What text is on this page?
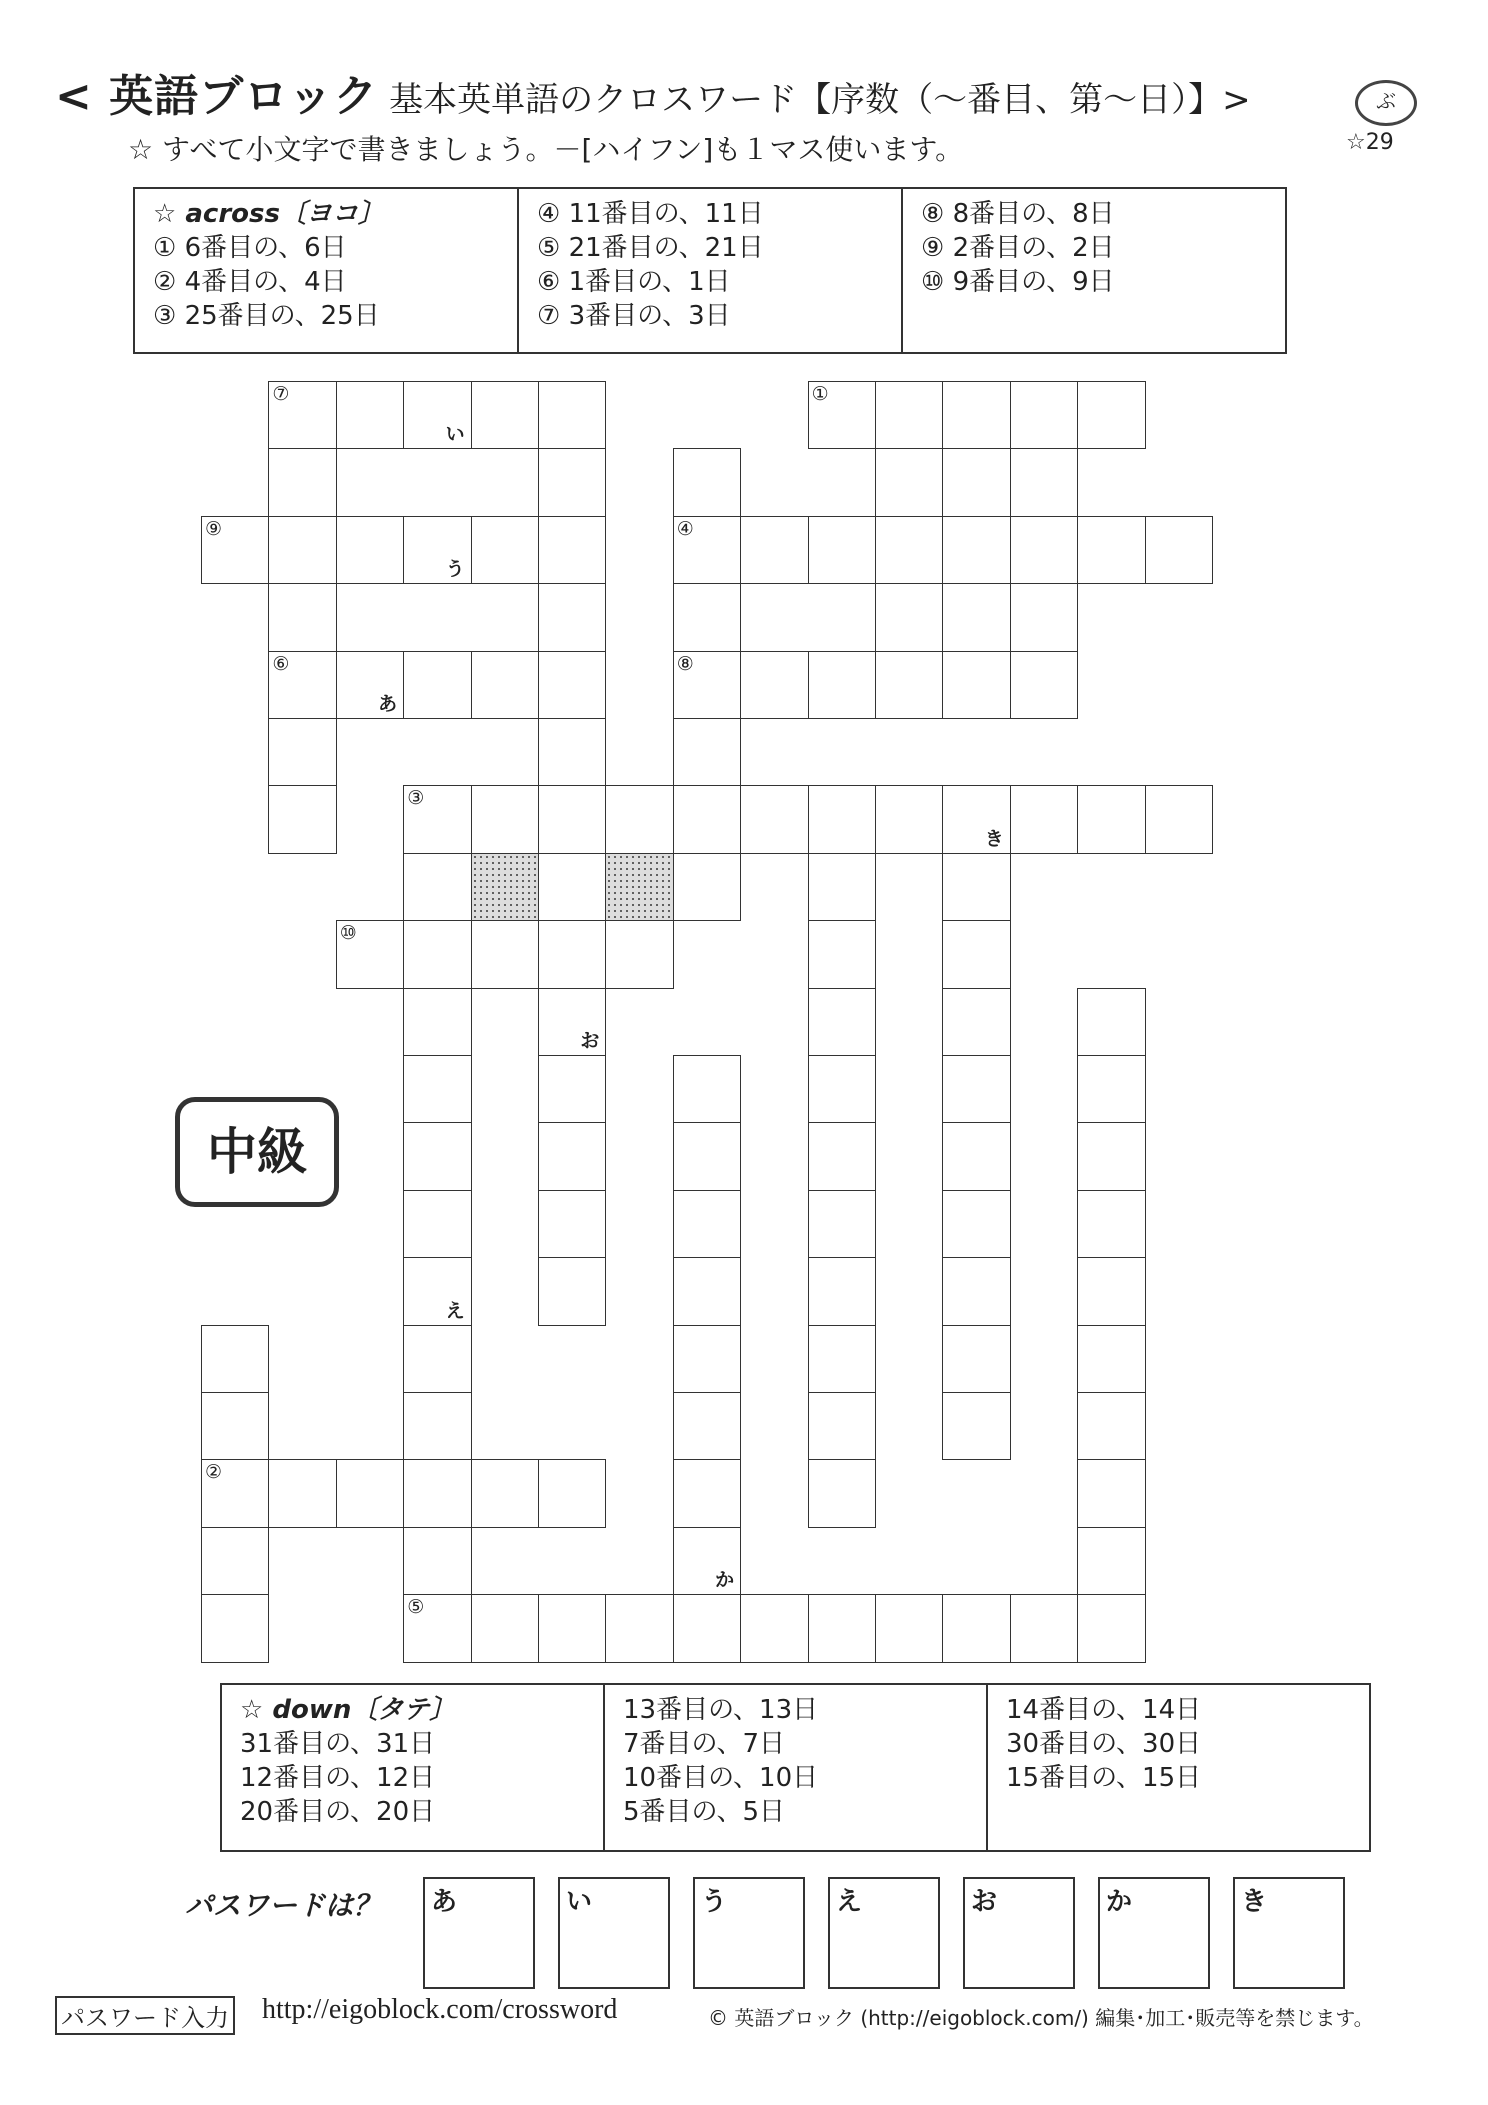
< 英語ブロック 基本英単語のクロスワード【序数（～番目、第～日）】>	ぶ
☆ すべて小文字で書きましょう。－[ハイフン]も１マス使います。	☆29
☆ across〔ヨコ〕
① 6番目の、6日
② 4番目の、4日
③ 25番目の、25日
④ 11番目の、11日
⑤ 21番目の、21日
⑥ 1番目の、1日
⑦ 3番目の、3日
⑧ 8番目の、8日
⑨ 2番目の、2日
⑩ 9番目の、9日
⑦
い
①
⑥
お
⑨
う
④
あ
⑧
③
き
え
⑩
か
②
⑤
中級
☆ down〔タテ〕
31番目の、31日
12番目の、12日
20番目の、20日
13番目の、13日
7番目の、7日
10番目の、10日
5番目の、5日
14番目の、14日
30番目の、30日
15番目の、15日
パスワードは？ あ	い	う	え	お	か	き
パスワード入力 http://eigoblock.com/crossword	© 英語ブロック (http://eigoblock.com/) 編集･加工･販売等を禁じます。
